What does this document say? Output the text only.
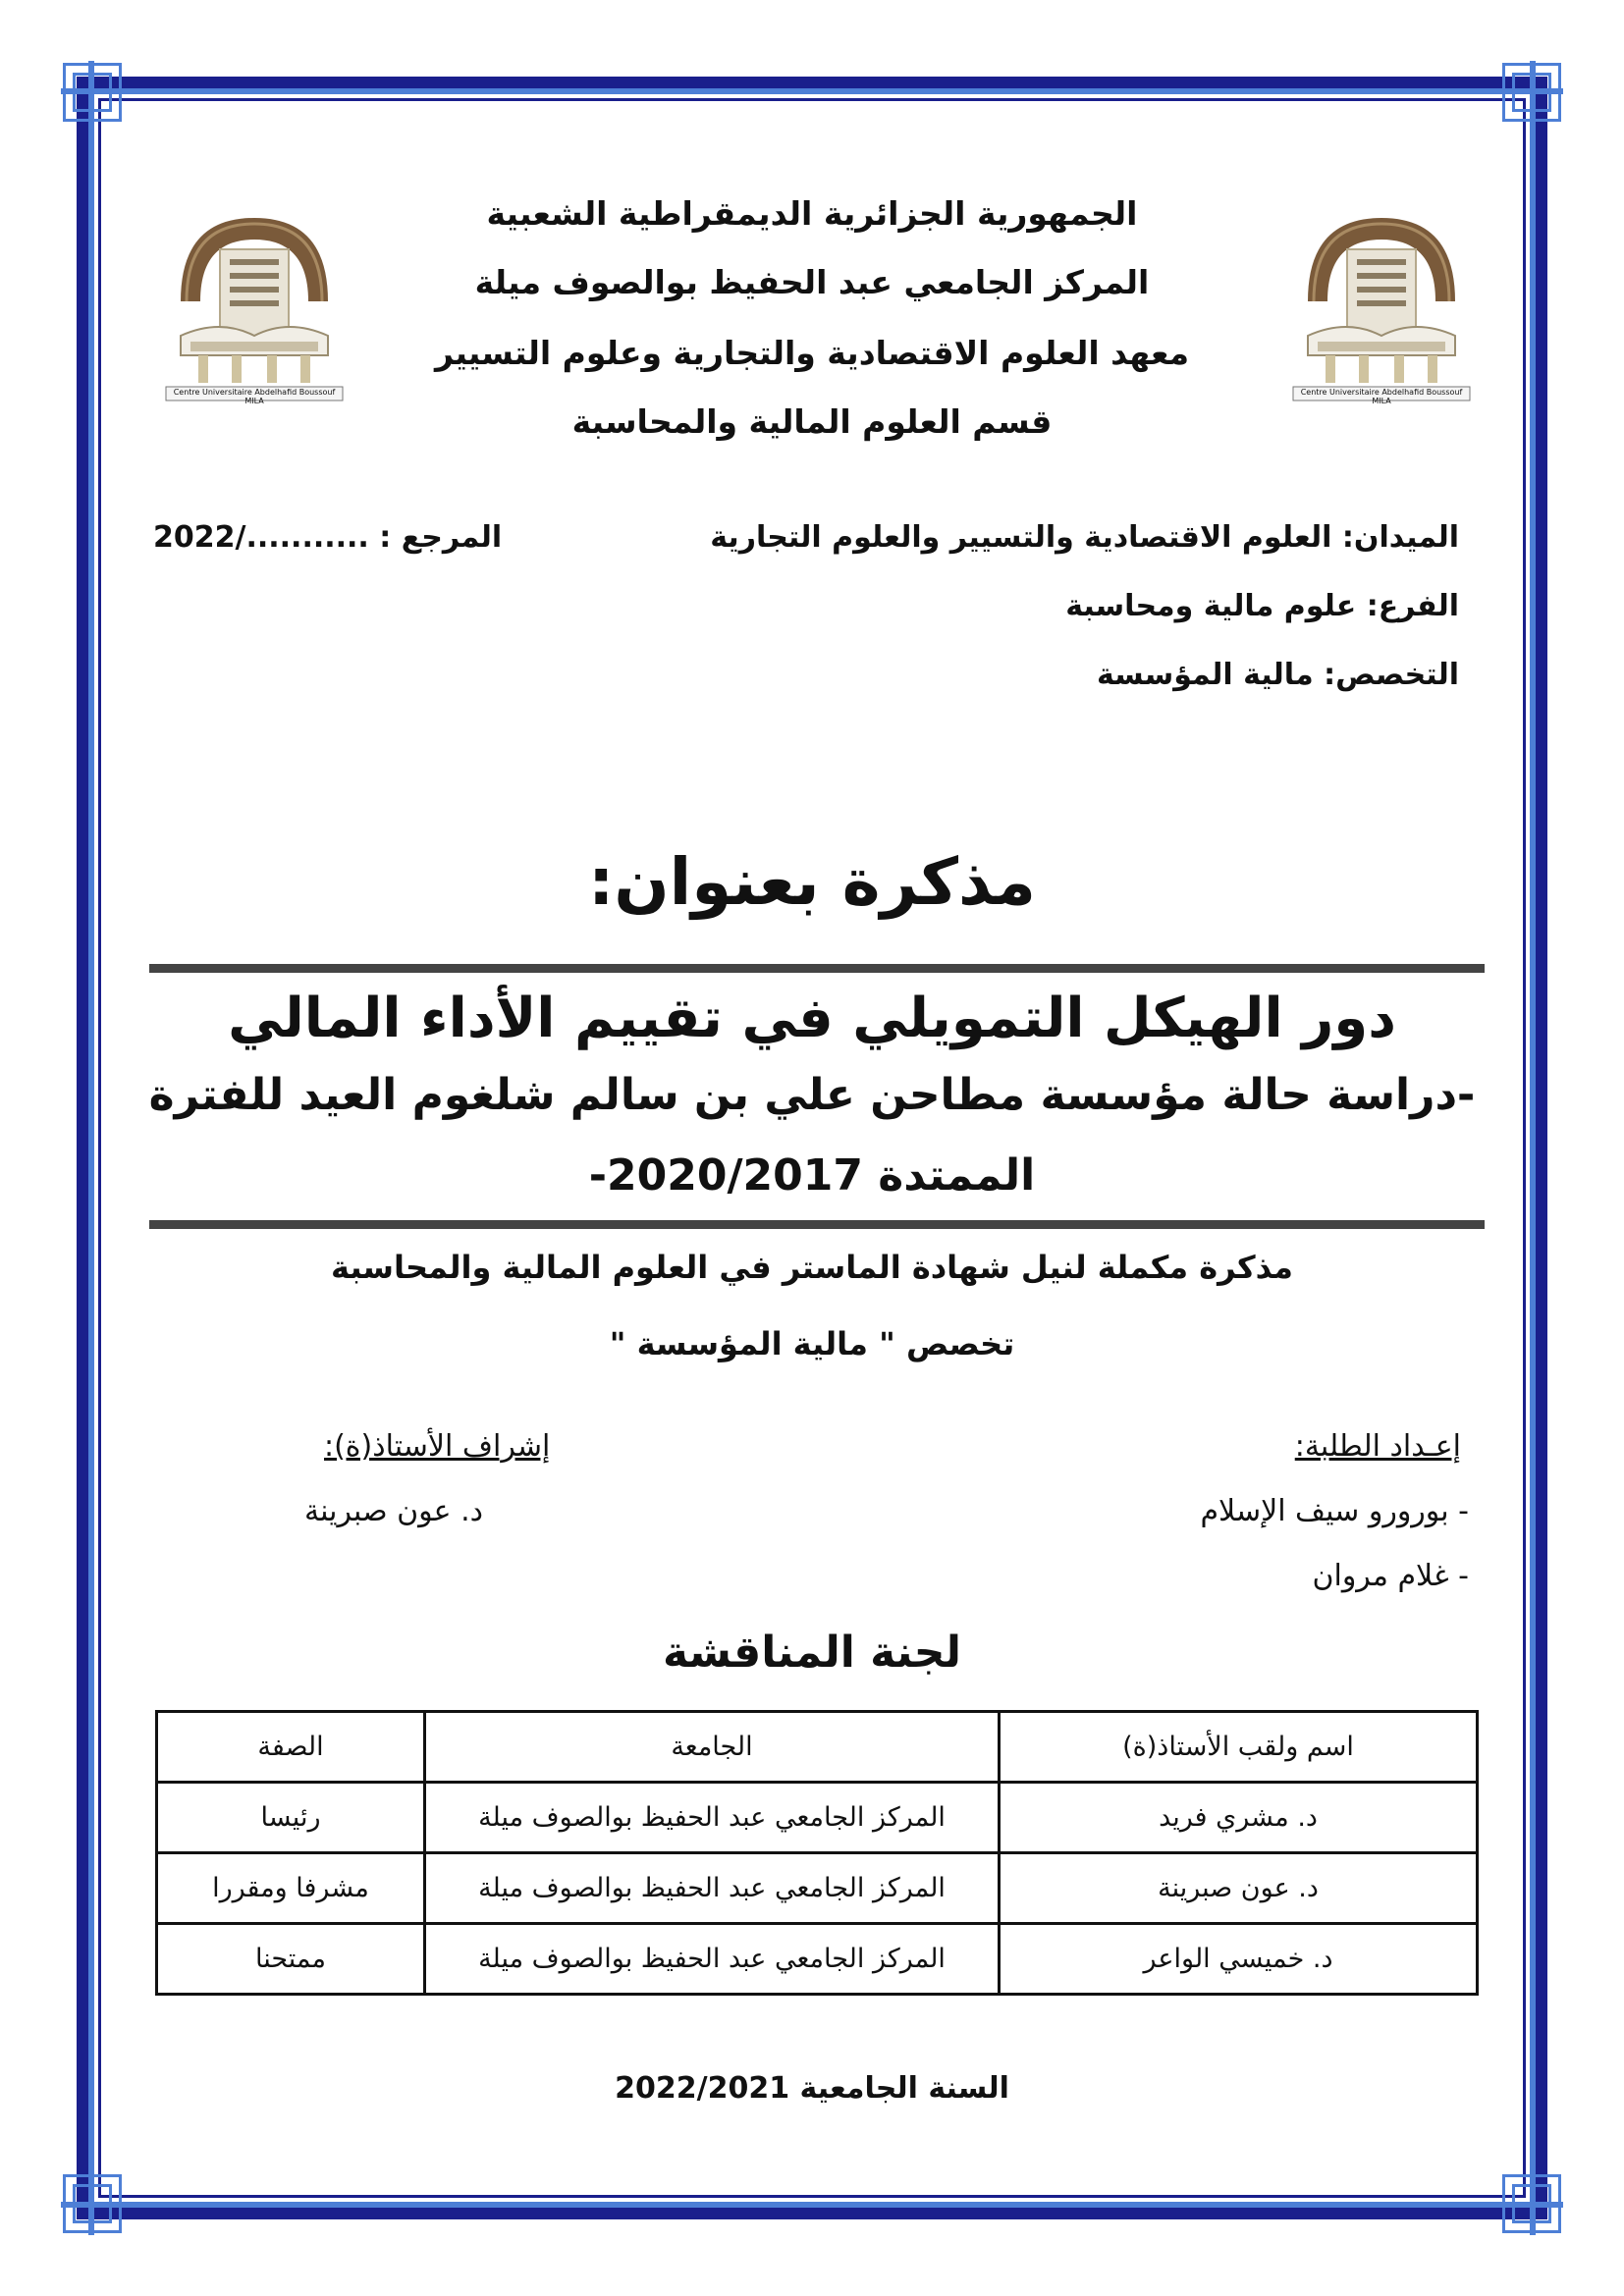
Centre Universitaire Abdelhafid Boussouf MILA
Centre Universitaire Abdelhafid Boussouf MILA
الجمهورية الجزائرية الديمقراطية الشعبية
المركز الجامعي عبد الحفيظ بوالصوف ميلة
معهد العلوم الاقتصادية والتجارية وعلوم التسيير
قسم العلوم المالية والمحاسبة
الميدان: العلوم الاقتصادية والتسيير والعلوم التجارية
الفرع: علوم مالية ومحاسبة
التخصص: مالية المؤسسة
المرجع : .........../2022
مذكرة بعنوان:
دور الهيكل التمويلي في تقييم الأداء المالي
-دراسة حالة مؤسسة مطاحن علي بن سالم شلغوم العيد للفترة
الممتدة 2020/2017-
مذكرة مكملة لنيل شهادة الماستر في العلوم المالية والمحاسبة
تخصص " مالية المؤسسة "
إعـداد الطلبة:
- بورورو سيف الإسلام
- غلام مروان
إشراف الأستاذ(ة):
د. عون صبرينة
لجنة المناقشة
اسم ولقب الأستاذ(ة)	الجامعة	الصفة
د. مشري فريد	المركز الجامعي عبد الحفيظ بوالصوف ميلة	رئيسا
د. عون صبرينة	المركز الجامعي عبد الحفيظ بوالصوف ميلة	مشرفا ومقررا
د. خميسي الواعر	المركز الجامعي عبد الحفيظ بوالصوف ميلة	ممتحنا
السنة الجامعية 2022/2021
